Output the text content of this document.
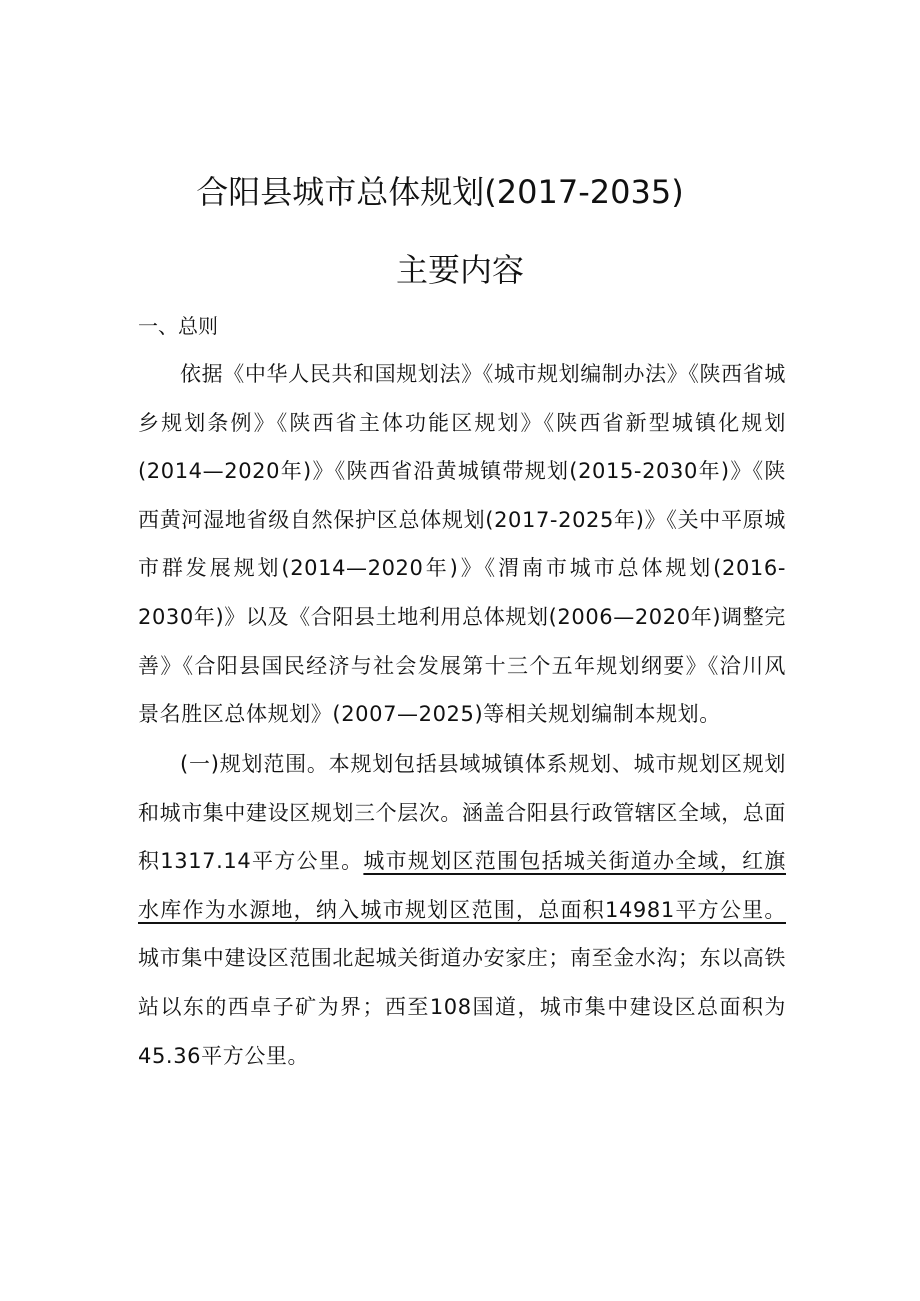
合阳县城市总体规划(2017-2035)
主要内容
一、总则

依据《中华人民共和国规划法》《城市规划编制办法》《陕西省城乡规划条例》《陕西省主体功能区规划》《陕西省新型城镇化规划(2014—2020年)》《陕西省沿黄城镇带规划(2015-2030年)》《陕西黄河湿地省级自然保护区总体规划(2017-2025年)》《关中平原城市群发展规划(2014—2020年)》《渭南市城市总体规划(2016-2030年)》以及《合阳县土地利用总体规划(2006—2020年)调整完善》《合阳县国民经济与社会发展第十三个五年规划纲要》《洽川风景名胜区总体规划》(2007—2025)等相关规划编制本规划。

(一)规划范围。本规划包括县域城镇体系规划、城市规划区规划和城市集中建设区规划三个层次。涵盖合阳县行政管辖区全域，总面积1317.14平方公里。城市规划区范围包括城关街道办全域，红旗水库作为水源地，纳入城市规划区范围，总面积14981平方公里。城市集中建设区范围北起城关街道办安家庄；南至金水沟；东以高铁站以东的西卓子矿为界；西至108国道，城市集中建设区总面积为45.36平方公里。
